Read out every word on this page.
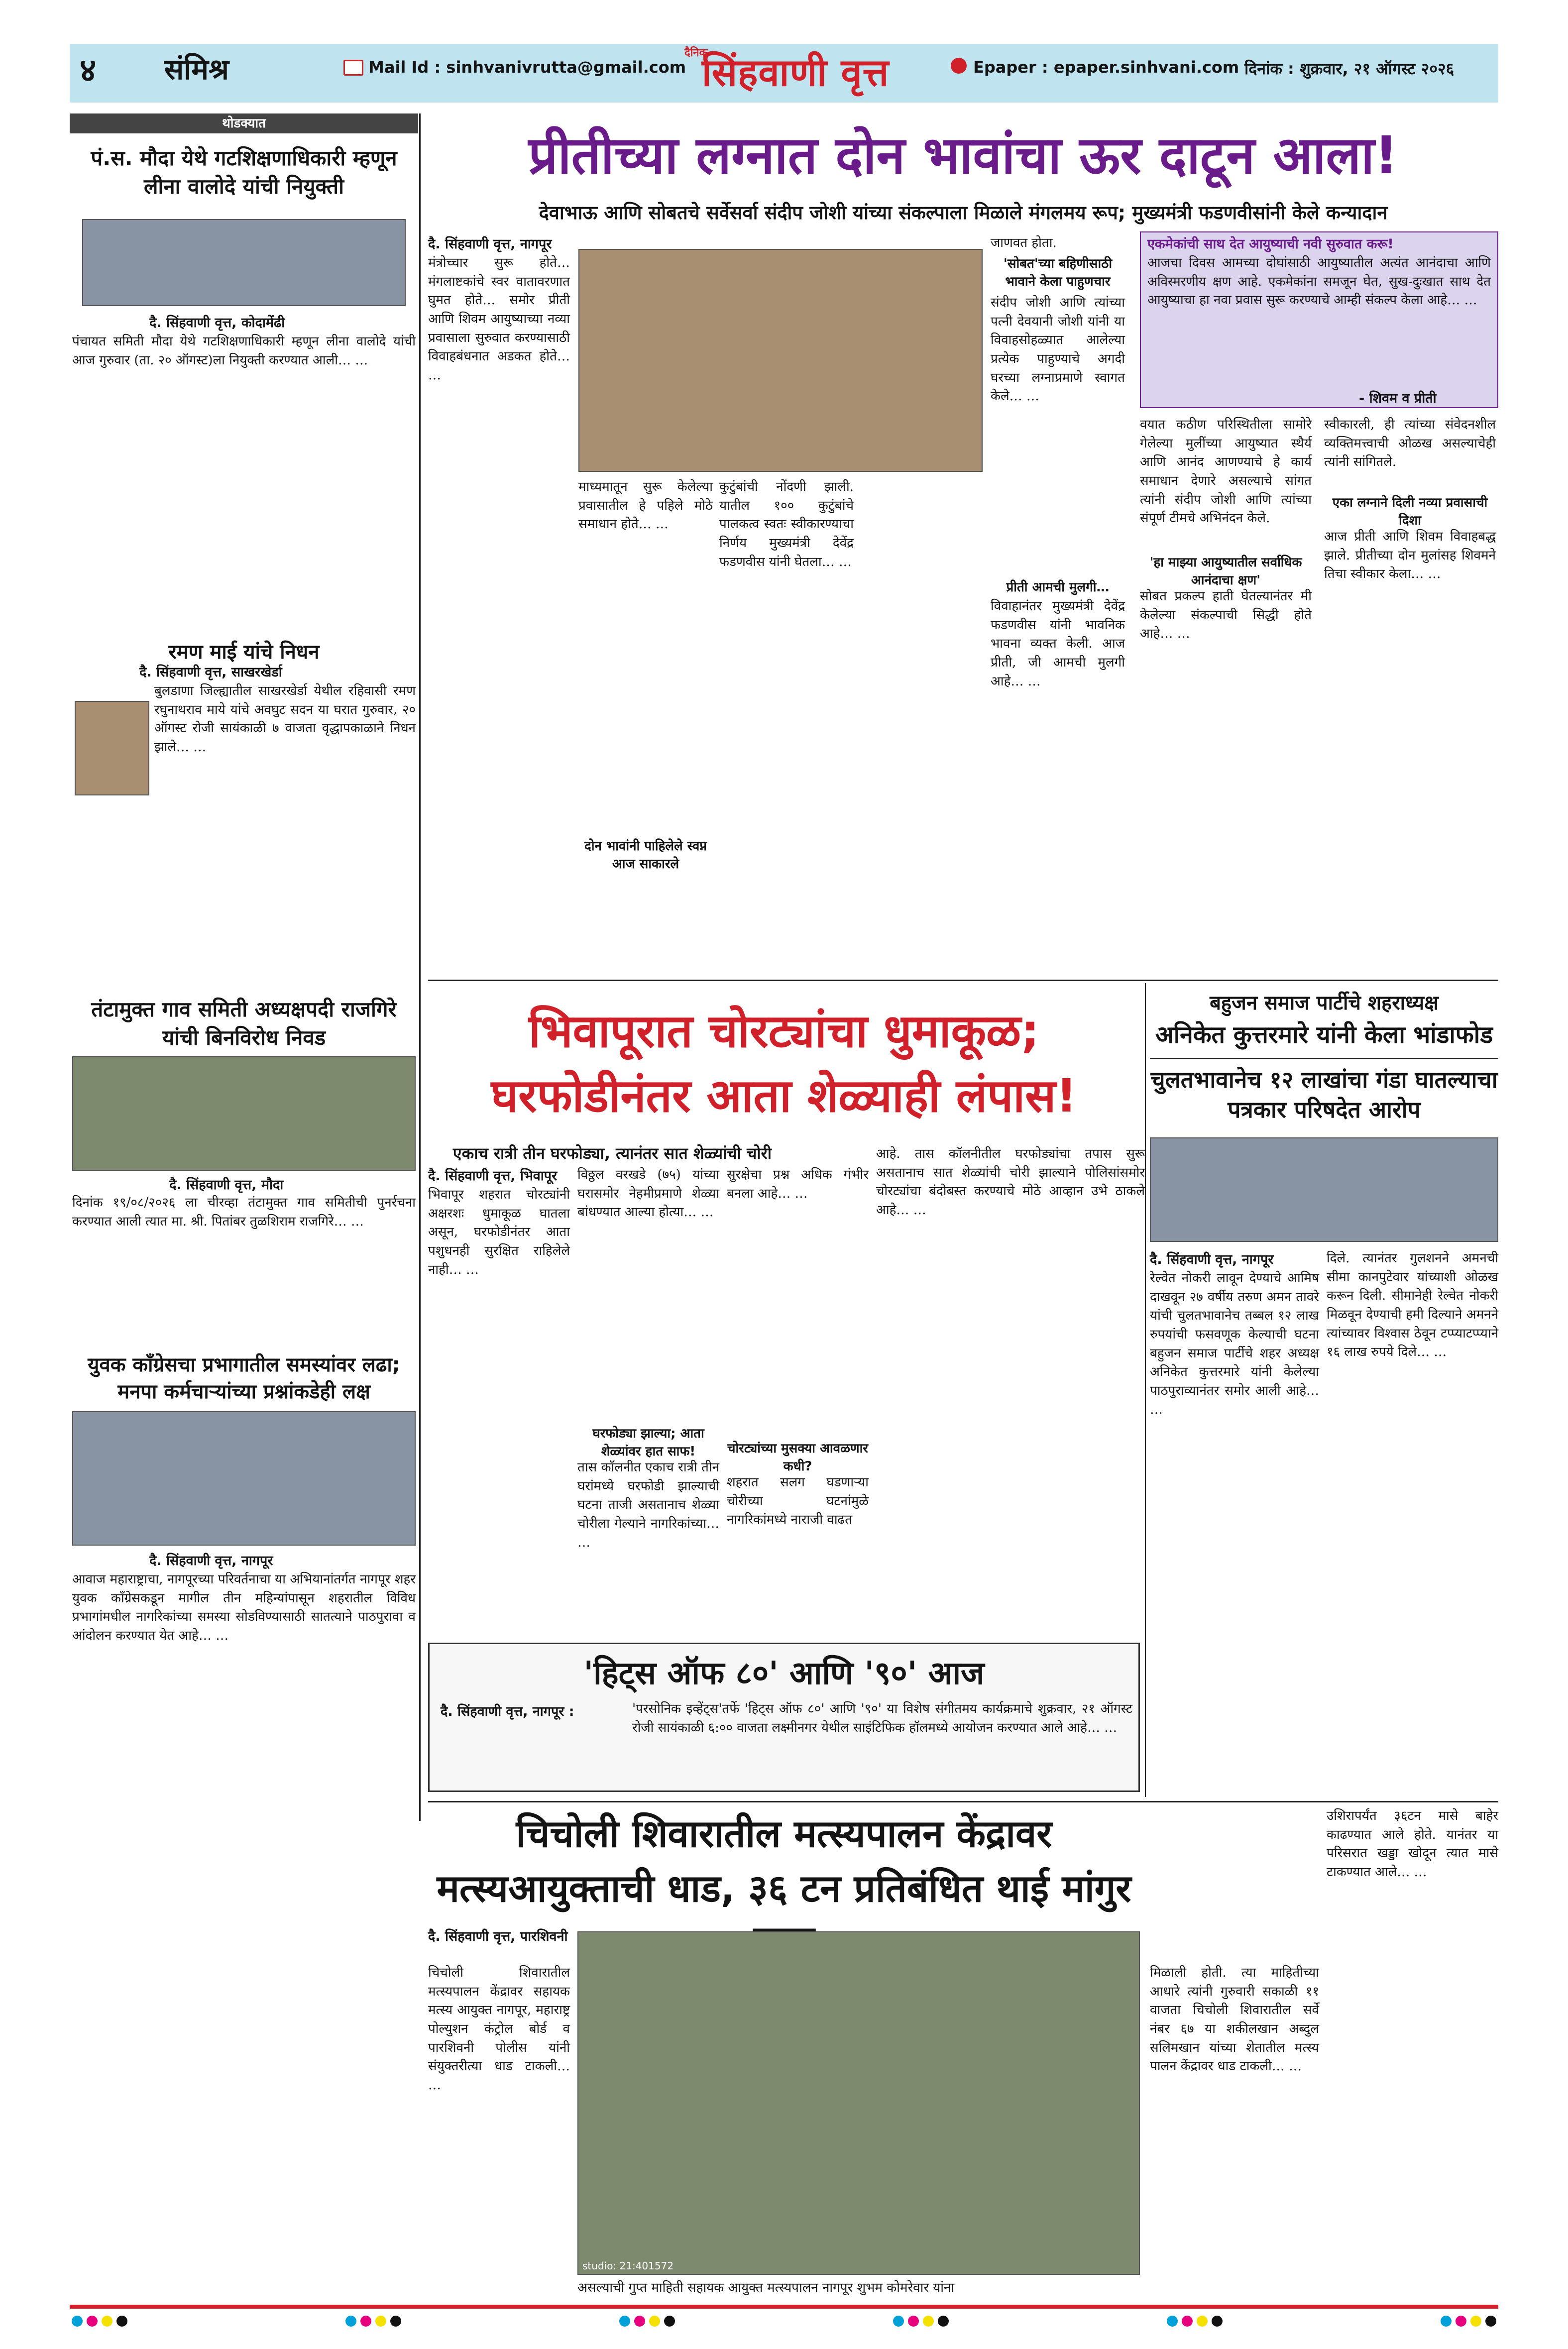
४ संमिश्र	Mail Id : sinhvanivrutta@gmail.com
दैनिक
सिंहवाणी वृत्त	Epaper : epaper.sinhvani.com दिनांक : शुक्रवार, २१ ऑगस्ट २०२६
थोडक्यात
पं.स. मौदा येथे गटशिक्षणाधिकारी म्हणून लीना वालोदे यांची नियुक्ती
दै. सिंहवाणी वृत्त, कोदामेंढी
पंचायत समिती मौदा येथे गटशिक्षणाधिकारी म्हणून लीना वालोदे यांची आज गुरुवार (ता. २० ऑगस्ट)ला नियुक्ती करण्यात आली… …
रमण माई यांचे निधन
दै. सिंहवाणी वृत्त, साखरखेर्डा
बुलडाणा जिल्ह्यातील साखरखेर्डा येथील रहिवासी रमण रघुनाथराव माये यांचे अवघुट सदन या घरात गुरुवार, २० ऑगस्ट रोजी सायंकाळी ७ वाजता वृद्धापकाळाने निधन झाले… …
तंटामुक्त गाव समिती अध्यक्षपदी राजगिरे यांची बिनविरोध निवड
दै. सिंहवाणी वृत्त, मौदा
दिनांक १९/०८/२०२६ ला चीरव्हा तंटामुक्त गाव समितीची पुनर्रचना करण्यात आली त्यात मा. श्री. पितांबर तुळशिराम राजगिरे… …
युवक काँग्रेसचा प्रभागातील समस्यांवर लढा; मनपा कर्मचाऱ्यांच्या प्रश्नांकडेही लक्ष
दै. सिंहवाणी वृत्त, नागपूर
आवाज महाराष्ट्राचा, नागपूरच्या परिवर्तनाचा या अभियानांतर्गत नागपूर शहर युवक काँग्रेसकडून मागील तीन महिन्यांपासून शहरातील विविध प्रभागांमधील नागरिकांच्या समस्या सोडविण्यासाठी सातत्याने पाठपुरावा व आंदोलन करण्यात येत आहे… …
प्रीतीच्या लग्नात दोन भावांचा ऊर दाटून आला!
देवाभाऊ आणि सोबतचे सर्वेसर्वा संदीप जोशी यांच्या संकल्पाला मिळाले मंगलमय रूप; मुख्यमंत्री फडणवीसांनी केले कन्यादान
दै. सिंहवाणी वृत्त, नागपूर
मंत्रोच्चार सुरू होते… मंगलाष्टकांचे स्वर वातावरणात घुमत होते… समोर प्रीती आणि शिवम आयुष्याच्या नव्या प्रवासाला सुरुवात करण्यासाठी विवाहबंधनात अडकत होते… …
माध्यमातून सुरू केलेल्या प्रवासातील हे पहिले मोठे समाधान होते… …
दोन भावांनी पाहिलेले स्वप्न आज साकारले
कुटुंबांची नोंदणी झाली. यातील १०० कुटुंबांचे पालकत्व स्वतः स्वीकारण्याचा निर्णय मुख्यमंत्री देवेंद्र फडणवीस यांनी घेतला… …
जाणवत होता.
'सोबत'च्या बहिणीसाठी भावाने केला पाहुणचार
संदीप जोशी आणि त्यांच्या पत्नी देवयानी जोशी यांनी या विवाहसोहळ्यात आलेल्या प्रत्येक पाहुण्याचे अगदी घरच्या लग्नाप्रमाणे स्वागत केले… …
प्रीती आमची मुलगी…
विवाहानंतर मुख्यमंत्री देवेंद्र फडणवीस यांनी भावनिक भावना व्यक्त केली. आज प्रीती, जी आमची मुलगी आहे… …
एकमेकांची साथ देत आयुष्याची नवी सुरुवात करू!
आजचा दिवस आमच्या दोघांसाठी आयुष्यातील अत्यंत आनंदाचा आणि अविस्मरणीय क्षण आहे. एकमेकांना समजून घेत, सुख-दुःखात साथ देत आयुष्याचा हा नवा प्रवास सुरू करण्याचे आम्ही संकल्प केला आहे… …
- शिवम व प्रीती
वयात कठीण परिस्थितीला सामोरे गेलेल्या मुलींच्या आयुष्यात स्थैर्य आणि आनंद आणण्याचे हे कार्य समाधान देणारे असल्याचे सांगत त्यांनी संदीप जोशी आणि त्यांच्या संपूर्ण टीमचे अभिनंदन केले.
'हा माझ्या आयुष्यातील सर्वाधिक आनंदाचा क्षण'
सोबत प्रकल्प हाती घेतल्यानंतर मी केलेल्या संकल्पाची सिद्धी होते आहे… …
स्वीकारली, ही त्यांच्या संवेदनशील व्यक्तिमत्त्वाची ओळख असल्याचेही त्यांनी सांगितले.
एका लग्नाने दिली नव्या प्रवासाची दिशा
आज प्रीती आणि शिवम विवाहबद्ध झाले. प्रीतीच्या दोन मुलांसह शिवमने तिचा स्वीकार केला… …
भिवापूरात चोरट्यांचा धुमाकूळ;
घरफोडीनंतर आता शेळ्याही लंपास!
एकाच रात्री तीन घरफोड्या, त्यानंतर सात शेळ्यांची चोरी
दै. सिंहवाणी वृत्त, भिवापूर
भिवापूर शहरात चोरट्यांनी अक्षरशः धुमाकूळ घातला असून, घरफोडीनंतर आता पशुधनही सुरक्षित राहिलेले नाही… …
विठ्ठल वरखडे (७५) यांच्या घरासमोर नेहमीप्रमाणे शेळ्या बांधण्यात आल्या होत्या… …
घरफोड्या झाल्या; आता शेळ्यांवर हात साफ!
तास कॉलनीत एकाच रात्री तीन घरांमध्ये घरफोडी झाल्याची घटना ताजी असतानाच शेळ्या चोरीला गेल्याने नागरिकांच्या… …
सुरक्षेचा प्रश्न अधिक गंभीर बनला आहे… …
चोरट्यांच्या मुसक्या आवळणार कधी?
शहरात सलग घडणाऱ्या चोरीच्या घटनांमुळे नागरिकांमध्ये नाराजी वाढत
आहे. तास कॉलनीतील घरफोड्यांचा तपास सुरू असतानाच सात शेळ्यांची चोरी झाल्याने पोलिसांसमोर चोरट्यांचा बंदोबस्त करण्याचे मोठे आव्हान उभे ठाकले आहे… …
बहुजन समाज पार्टीचे शहराध्यक्ष
अनिकेत कुत्तरमारे यांनी केला भांडाफोड
चुलतभावानेच १२ लाखांचा गंडा घातल्याचा पत्रकार परिषदेत आरोप
दै. सिंहवाणी वृत्त, नागपूर
रेल्वेत नोकरी लावून देण्याचे आमिष दाखवून २७ वर्षीय तरुण अमन तावरे यांची चुलतभावानेच तब्बल १२ लाख रुपयांची फसवणूक केल्याची घटना बहुजन समाज पार्टीचे शहर अध्यक्ष अनिकेत कुत्तरमारे यांनी केलेल्या पाठपुराव्यानंतर समोर आली आहे… …
दिले. त्यानंतर गुलशनने अमनची सीमा कानपुटेवार यांच्याशी ओळख करून दिली. सीमानेही रेल्वेत नोकरी मिळवून देण्याची हमी दिल्याने अमनने त्यांच्यावर विश्वास ठेवून टप्प्याटप्प्याने १६ लाख रुपये दिले… …
'हिट्स ऑफ ८०' आणि '९०' आज
दै. सिंहवाणी वृत्त, नागपूर :	'परसोनिक इव्हेंट्स'तर्फे 'हिट्स ऑफ ८०' आणि '९०' या विशेष संगीतमय कार्यक्रमाचे शुक्रवार, २१ ऑगस्ट रोजी सायंकाळी ६:०० वाजता लक्ष्मीनगर येथील साइंटिफिक हॉलमध्ये आयोजन करण्यात आले आहे… …
चिचोली शिवारातील मत्स्यपालन केंद्रावर
मत्स्यआयुक्ताची धाड, ३६ टन प्रतिबंधित थाई मांगुर
दै. सिंहवाणी वृत्त, पारशिवनी
चिचोली शिवारातील मत्स्यपालन केंद्रावर सहायक मत्स्य आयुक्त नागपूर, महाराष्ट्र पोल्युशन कंट्रोल बोर्ड व पारशिवनी पोलीस यांनी संयुक्तरीत्या धाड टाकली… …
studio: 21:401572
असल्याची गुप्त माहिती सहायक आयुक्त मत्स्यपालन नागपूर शुभम कोमरेवार यांना
मिळाली होती. त्या माहितीच्या आधारे त्यांनी गुरुवारी सकाळी ११ वाजता चिचोली शिवारातील सर्वे नंबर ६७ या शकीलखान अब्दुल सलिमखान यांच्या शेतातील मत्स्य पालन केंद्रावर धाड टाकली… …
उशिरापर्यंत ३६टन मासे बाहेर काढण्यात आले होते. यानंतर या परिसरात खड्डा खोदून त्यात मासे टाकण्यात आले… …
